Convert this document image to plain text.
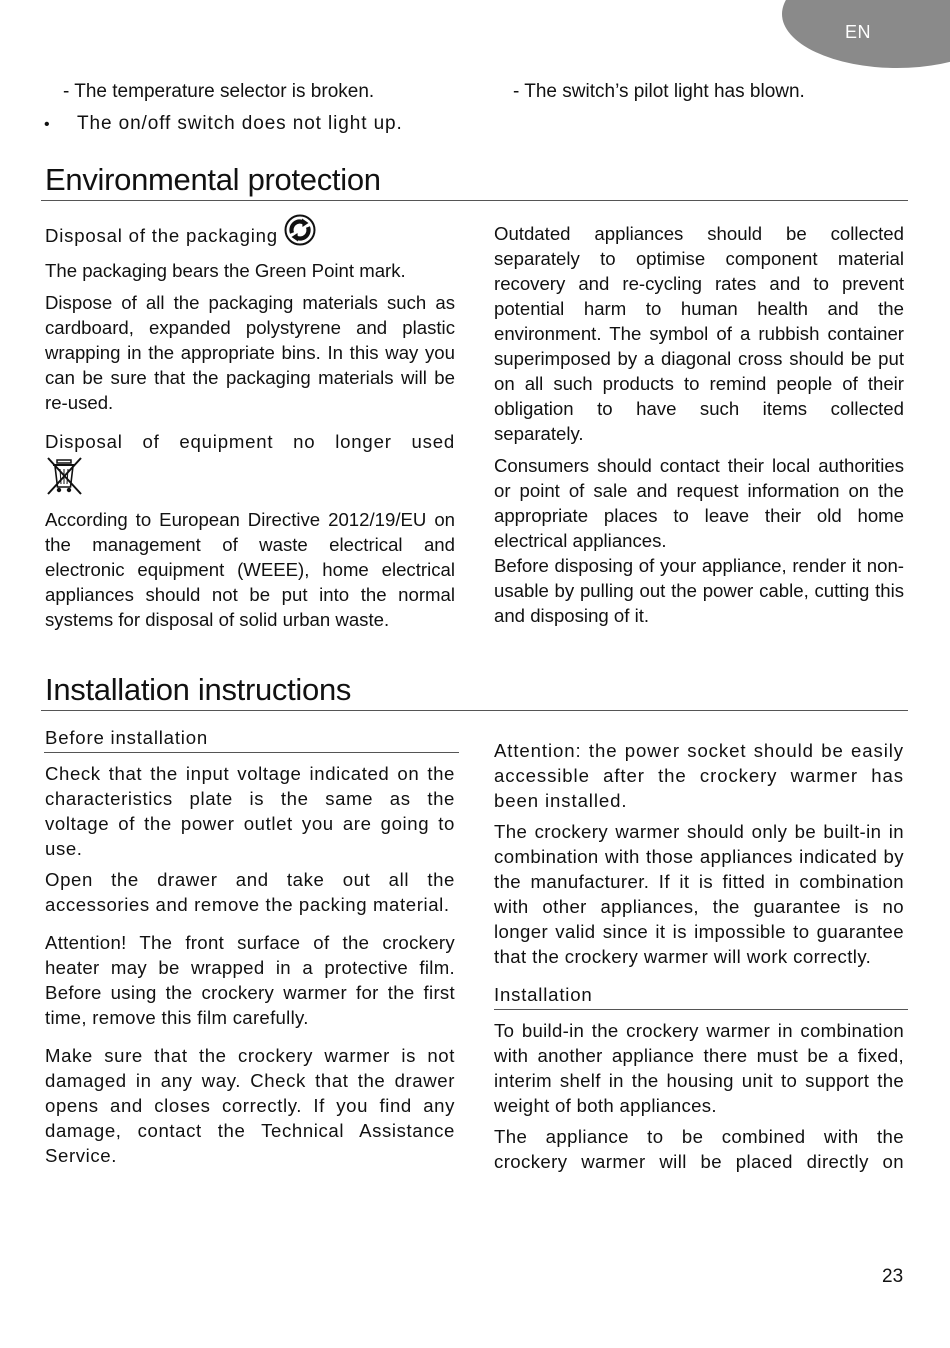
EN
- The temperature selector is broken.	- The switch’s pilot light has blown.
• The on/off switch does not light up.
Environmental protection
Disposal of the packaging

The packaging bears the Green Point mark.

Dispose of all the packaging materials such as cardboard, expanded polystyrene and plastic wrapping in the appropriate bins. In this way you can be sure that the packaging materials will be re-used.

Disposal of equipment no longer used

According to European Directive 2012/19/EU on the management of waste electrical and electronic equipment (WEEE), home electrical appliances should not be put into the normal systems for disposal of solid urban waste.

Outdated appliances should be collected separately to optimise component material recovery and re-cycling rates and to prevent potential harm to human health and the environment. The symbol of a rubbish container superimposed by a diagonal cross should be put on all such products to remind people of their obligation to have such items collected separately.

Consumers should contact their local authorities or point of sale and request information on the appropriate places to leave their old home electrical appliances.

Before disposing of your appliance, render it non-usable by pulling out the power cable, cutting this and disposing of it.

Installation instructions
Before installation

Check that the input voltage indicated on the characteristics plate is the same as the voltage of the power outlet you are going to use.

Open the drawer and take out all the accessories and remove the packing material.

Attention! The front surface of the crockery heater may be wrapped in a protective film. Before using the crockery warmer for the first time, remove this film carefully.

Make sure that the crockery warmer is not damaged in any way. Check that the drawer opens and closes correctly. If you find any damage, contact the Technical Assistance Service.

Attention: the power socket should be easily accessible after the crockery warmer has been installed.

The crockery warmer should only be built-in in combination with those appliances indicated by the manufacturer. If it is fitted in combination with other appliances, the guarantee is no longer valid since it is impossible to guarantee that the crockery warmer will work correctly.

Installation

To build-in the crockery warmer in combination with another appliance there must be a fixed, interim shelf in the housing unit to support the weight of both appliances.

The appliance to be combined with the crockery warmer will be placed directly on

23
